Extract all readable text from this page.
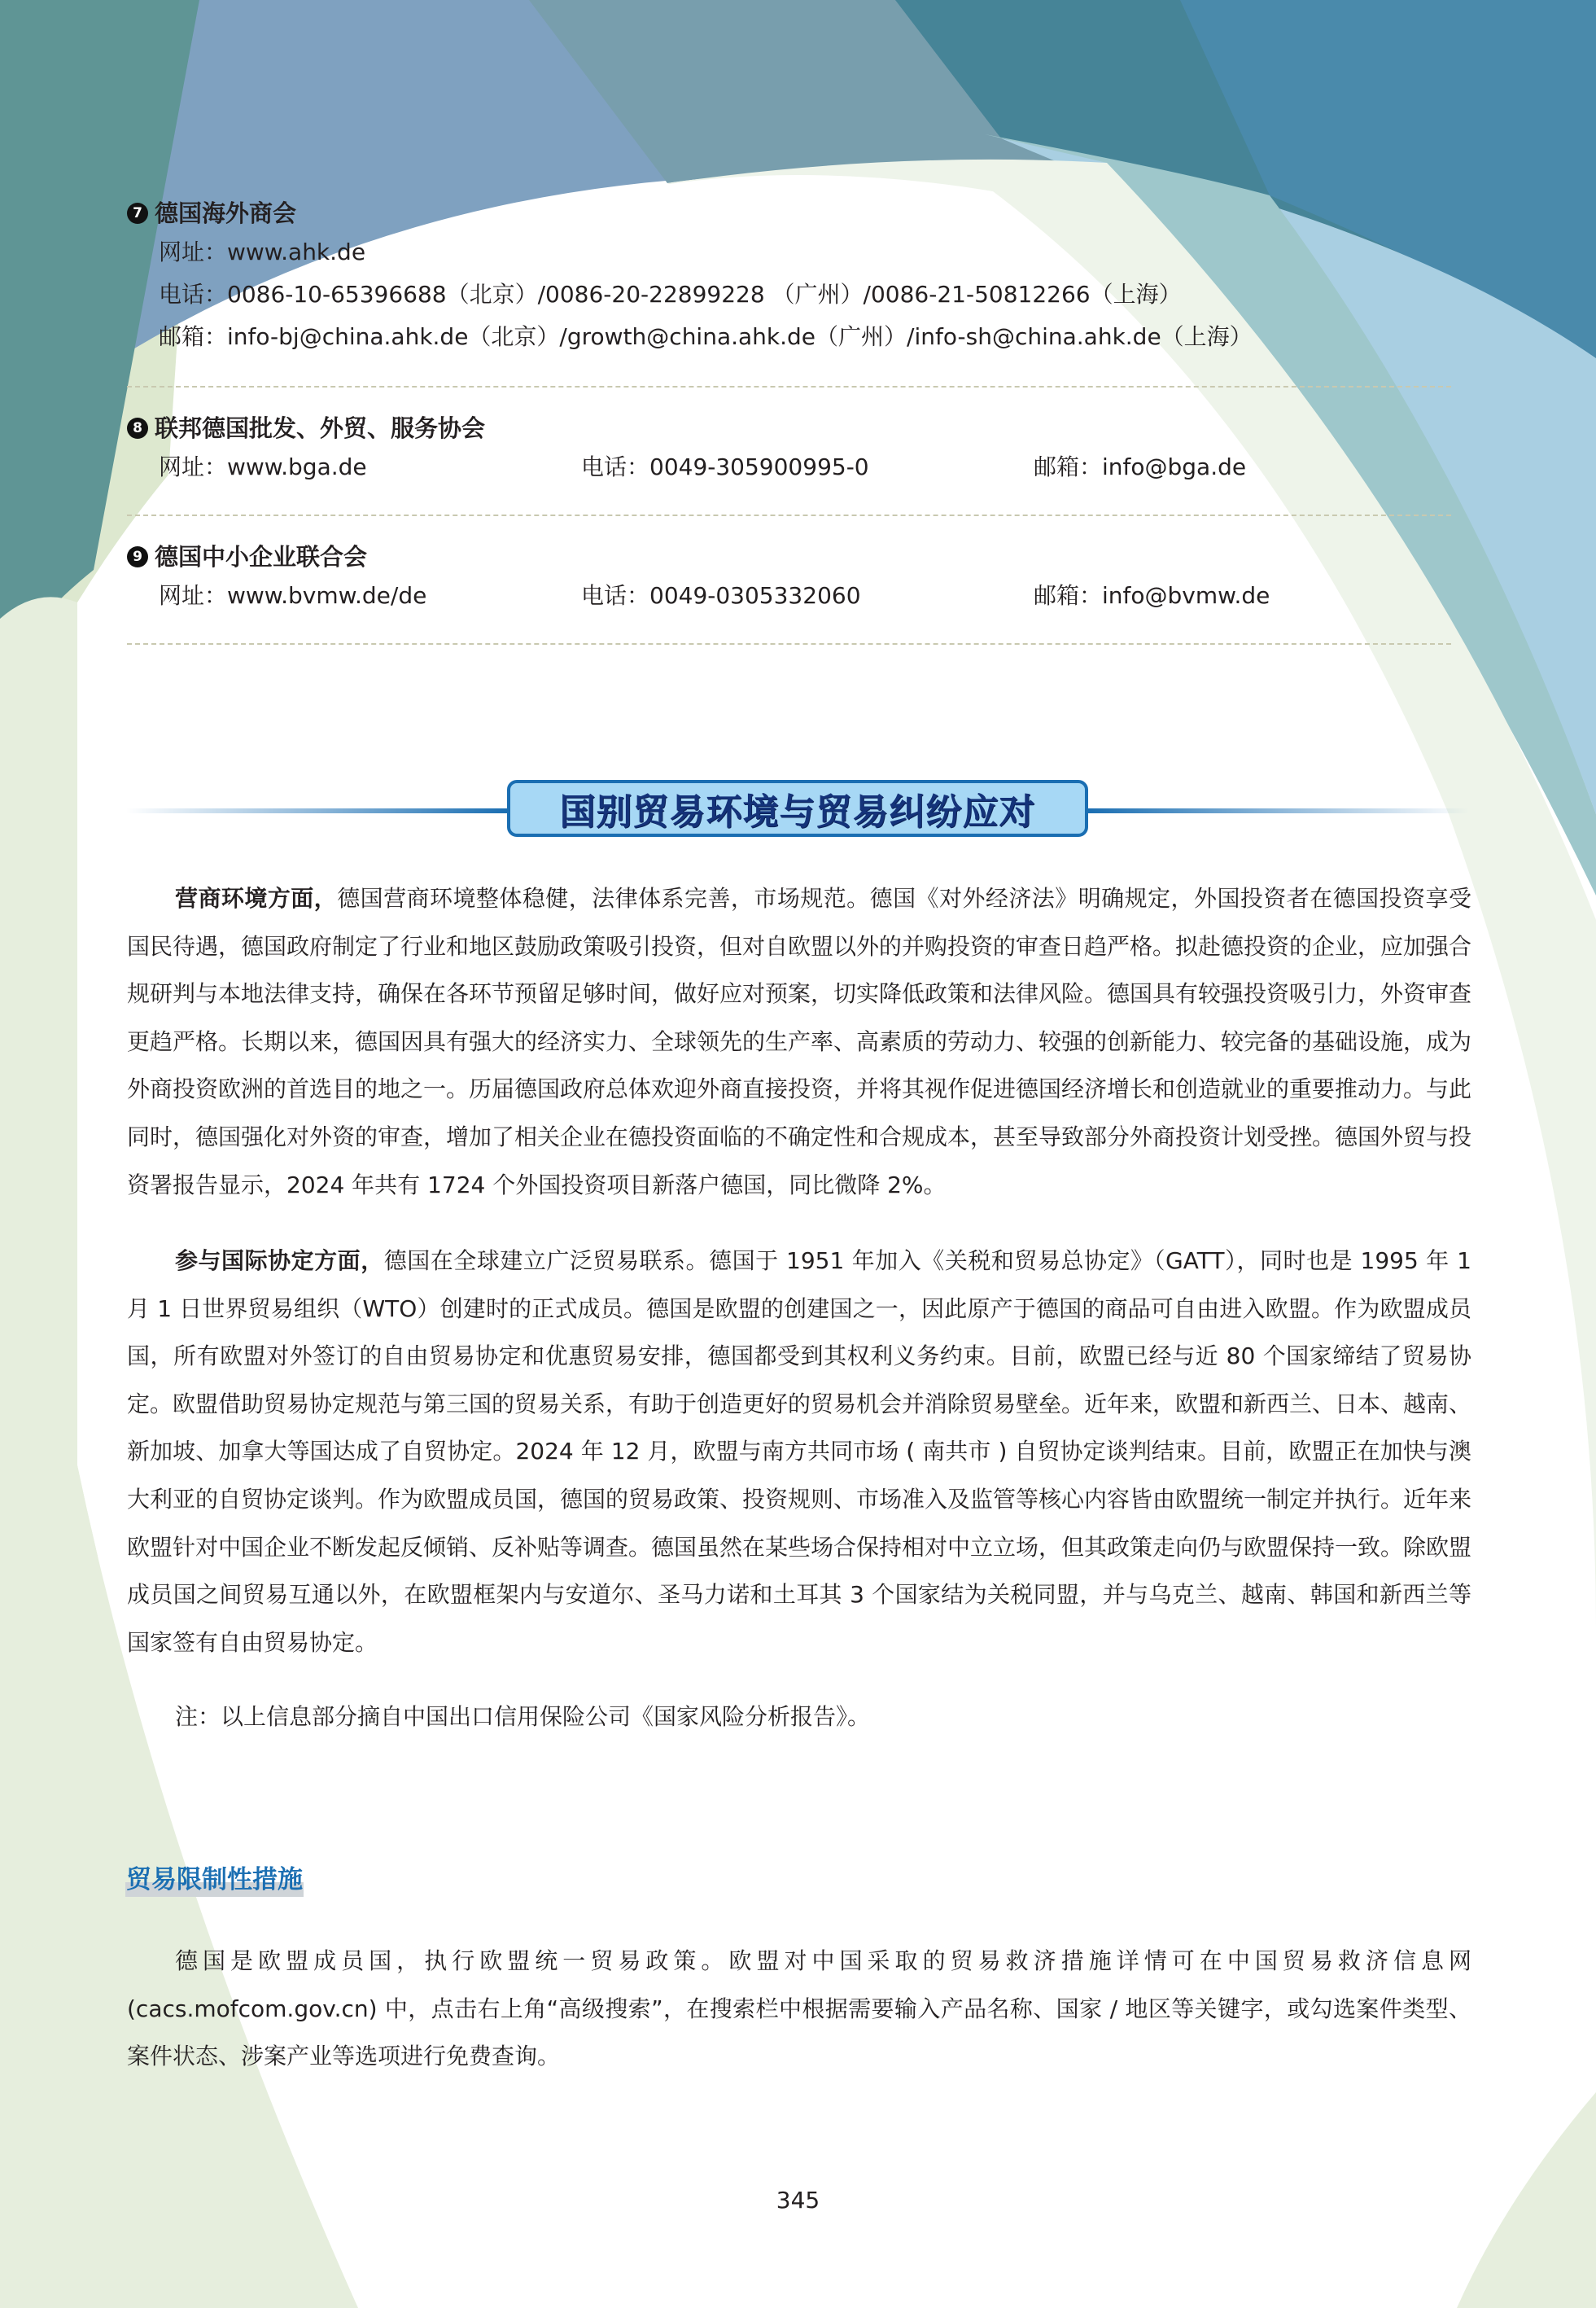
7 德国海外商会
网址：www.ahk.de
电话：0086-10-65396688（北京）/0086-20-22899228 （广州）/0086-21-50812266（上海）
邮箱：info-bj@china.ahk.de（北京）/growth@china.ahk.de（广州）/info-sh@china.ahk.de（上海）
8 联邦德国批发、外贸、服务协会
网址：www.bga.de	电话：0049-305900995-0	邮箱：info@bga.de
9 德国中小企业联合会
网址：www.bvmw.de/de	电话：0049-0305332060	邮箱：info@bvmw.de
国别贸易环境与贸易纠纷应对
营商环境方面，德国营商环境整体稳健，法律体系完善，市场规范。德国《对外经济法》明确规定，外国投资者在德国投资享受国民待遇，德国政府制定了行业和地区鼓励政策吸引投资，但对自欧盟以外的并购投资的审查日趋严格。拟赴德投资的企业，应加强合规研判与本地法律支持，确保在各环节预留足够时间，做好应对预案，切实降低政策和法律风险。德国具有较强投资吸引力，外资审查更趋严格。长期以来，德国因具有强大的经济实力、全球领先的生产率、高素质的劳动力、较强的创新能力、较完备的基础设施，成为外商投资欧洲的首选目的地之一。历届德国政府总体欢迎外商直接投资，并将其视作促进德国经济增长和创造就业的重要推动力。与此同时，德国强化对外资的审查，增加了相关企业在德投资面临的不确定性和合规成本，甚至导致部分外商投资计划受挫。德国外贸与投资署报告显示，2024 年共有 1724 个外国投资项目新落户德国，同比微降 2%。
参与国际协定方面，德国在全球建立广泛贸易联系。德国于 1951 年加入《关税和贸易总协定》（GATT），同时也是 1995 年 1 月 1 日世界贸易组织（WTO）创建时的正式成员。德国是欧盟的创建国之一，因此原产于德国的商品可自由进入欧盟。作为欧盟成员国，所有欧盟对外签订的自由贸易协定和优惠贸易安排，德国都受到其权利义务约束。目前，欧盟已经与近 80 个国家缔结了贸易协定。欧盟借助贸易协定规范与第三国的贸易关系，有助于创造更好的贸易机会并消除贸易壁垒。近年来，欧盟和新西兰、日本、越南、新加坡、加拿大等国达成了自贸协定。2024 年 12 月，欧盟与南方共同市场 ( 南共市 ) 自贸协定谈判结束。目前，欧盟正在加快与澳大利亚的自贸协定谈判。作为欧盟成员国，德国的贸易政策、投资规则、市场准入及监管等核心内容皆由欧盟统一制定并执行。近年来欧盟针对中国企业不断发起反倾销、反补贴等调查。德国虽然在某些场合保持相对中立立场，但其政策走向仍与欧盟保持一致。除欧盟成员国之间贸易互通以外，在欧盟框架内与安道尔、圣马力诺和土耳其 3 个国家结为关税同盟，并与乌克兰、越南、韩国和新西兰等国家签有自由贸易协定。
注：以上信息部分摘自中国出口信用保险公司《国家风险分析报告》。
贸易限制性措施
德国是欧盟成员国，执行欧盟统一贸易政策。欧盟对中国采取的贸易救济措施详情可在中国贸易救济信息网 (cacs.mofcom.gov.cn) 中，点击右上角“高级搜索”，在搜索栏中根据需要输入产品名称、国家 / 地区等关键字，或勾选案件类型、案件状态、涉案产业等选项进行免费查询。
345
